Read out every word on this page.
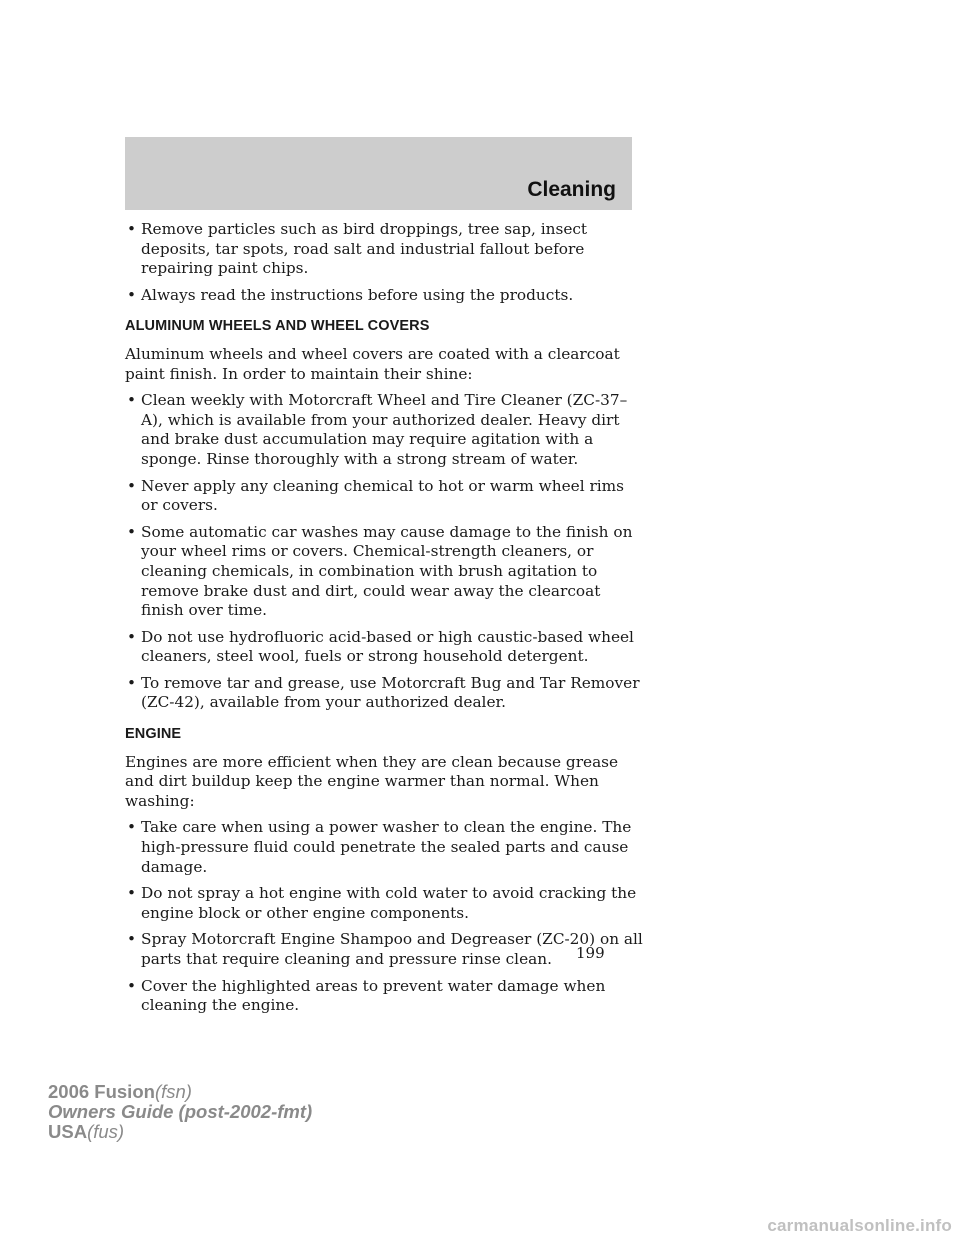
Cleaning
• Remove particles such as bird droppings, tree sap, insect deposits, tar spots, road salt and industrial fallout before repairing paint chips.
• Always read the instructions before using the products.
ALUMINUM WHEELS AND WHEEL COVERS
Aluminum wheels and wheel covers are coated with a clearcoat paint finish. In order to maintain their shine:
• Clean weekly with Motorcraft Wheel and Tire Cleaner (ZC-37–A), which is available from your authorized dealer. Heavy dirt and brake dust accumulation may require agitation with a sponge. Rinse thoroughly with a strong stream of water.
• Never apply any cleaning chemical to hot or warm wheel rims or covers.
• Some automatic car washes may cause damage to the finish on your wheel rims or covers. Chemical-strength cleaners, or cleaning chemicals, in combination with brush agitation to remove brake dust and dirt, could wear away the clearcoat finish over time.
• Do not use hydrofluoric acid-based or high caustic-based wheel cleaners, steel wool, fuels or strong household detergent.
• To remove tar and grease, use Motorcraft Bug and Tar Remover (ZC-42), available from your authorized dealer.
ENGINE
Engines are more efficient when they are clean because grease and dirt buildup keep the engine warmer than normal. When washing:
• Take care when using a power washer to clean the engine. The high-pressure fluid could penetrate the sealed parts and cause damage.
• Do not spray a hot engine with cold water to avoid cracking the engine block or other engine components.
• Spray Motorcraft Engine Shampoo and Degreaser (ZC-20) on all parts that require cleaning and pressure rinse clean.
• Cover the highlighted areas to prevent water damage when cleaning the engine.
199
2006 Fusion(fsn)
Owners Guide (post-2002-fmt)
USA(fus)
carmanualsonline.info
